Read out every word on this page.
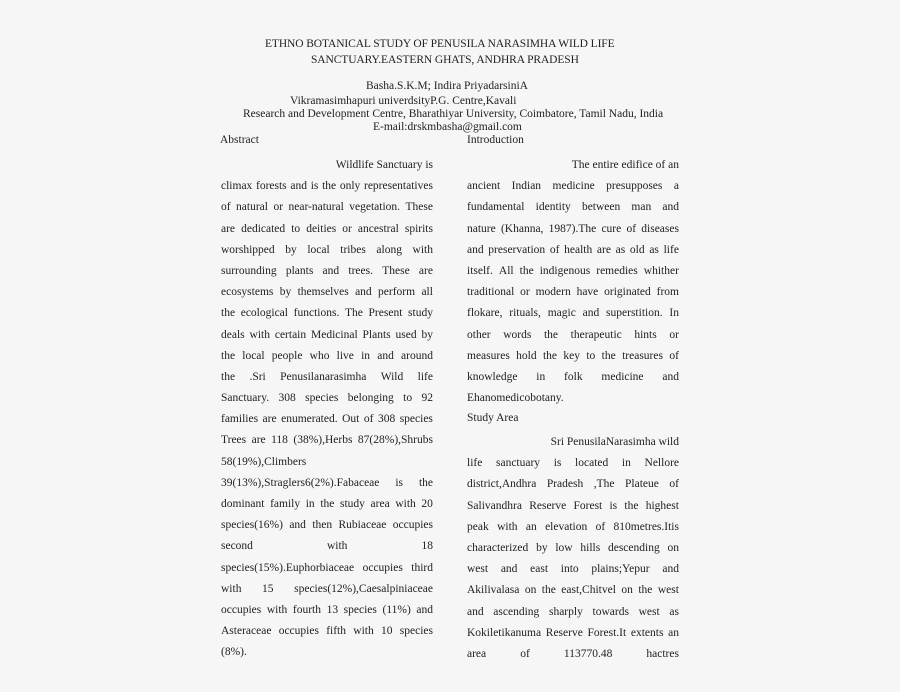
ETHNO BOTANICAL STUDY OF PENUSILA NARASIMHA WILD LIFE
SANCTUARY.EASTERN GHATS, ANDHRA PRADESH
Basha.S.K.M; Indira PriyadarsiniA
Vikramasimhapuri univerdsityP.G. Centre,Kavali
Research and Development Centre, Bharathiyar University, Coimbatore, Tamil Nadu, India
E-mail:drskmbasha@gmail.com
Abstract	Introduction
Wildlife Sanctuary is
climax forests and is the only representatives
of natural or near-natural vegetation. These
are dedicated to deities or ancestral spirits
worshipped by local tribes along with
surrounding plants and trees. These are
ecosystems by themselves and perform all
the ecological functions. The Present study
deals with certain Medicinal Plants used by
the local people who live in and around
the .Sri Penusilanarasimha Wild life
Sanctuary. 308 species belonging to 92
families are enumerated. Out of 308 species
Trees are 118 (38%),Herbs 87(28%),Shrubs
58(19%),Climbers
39(13%),Straglers6(2%).Fabaceae is the
dominant family in the study area with 20
species(16%) and then Rubiaceae occupies
second	with	18
species(15%).Euphorbiaceae occupies third
with 15 species(12%),Caesalpiniaceae
occupies with fourth 13 species (11%) and
Asteraceae occupies fifth with 10 species
(8%).
The entire edifice of an
ancient Indian medicine presupposes a
fundamental identity between man and
nature (Khanna, 1987).The cure of diseases
and preservation of health are as old as life
itself. All the indigenous remedies whither
traditional or modern have originated from
flokare, rituals, magic and superstition. In
other words the therapeutic hints or
measures hold the key to the treasures of
knowledge in folk medicine and
Ehanomedicobotany.
Study Area
Sri PenusilaNarasimha wild
life sanctuary is located in Nellore
district,Andhra Pradesh ,The Plateue of
Salivandhra Reserve Forest is the highest
peak with an elevation of 810metres.Itis
characterized by low hills descending on
west and east into plains;Yepur and
Akilivalasa on the east,Chitvel on the west
and ascending sharply towards west as
Kokiletikanuma Reserve Forest.It extents an
area	of	113770.48	hactres
